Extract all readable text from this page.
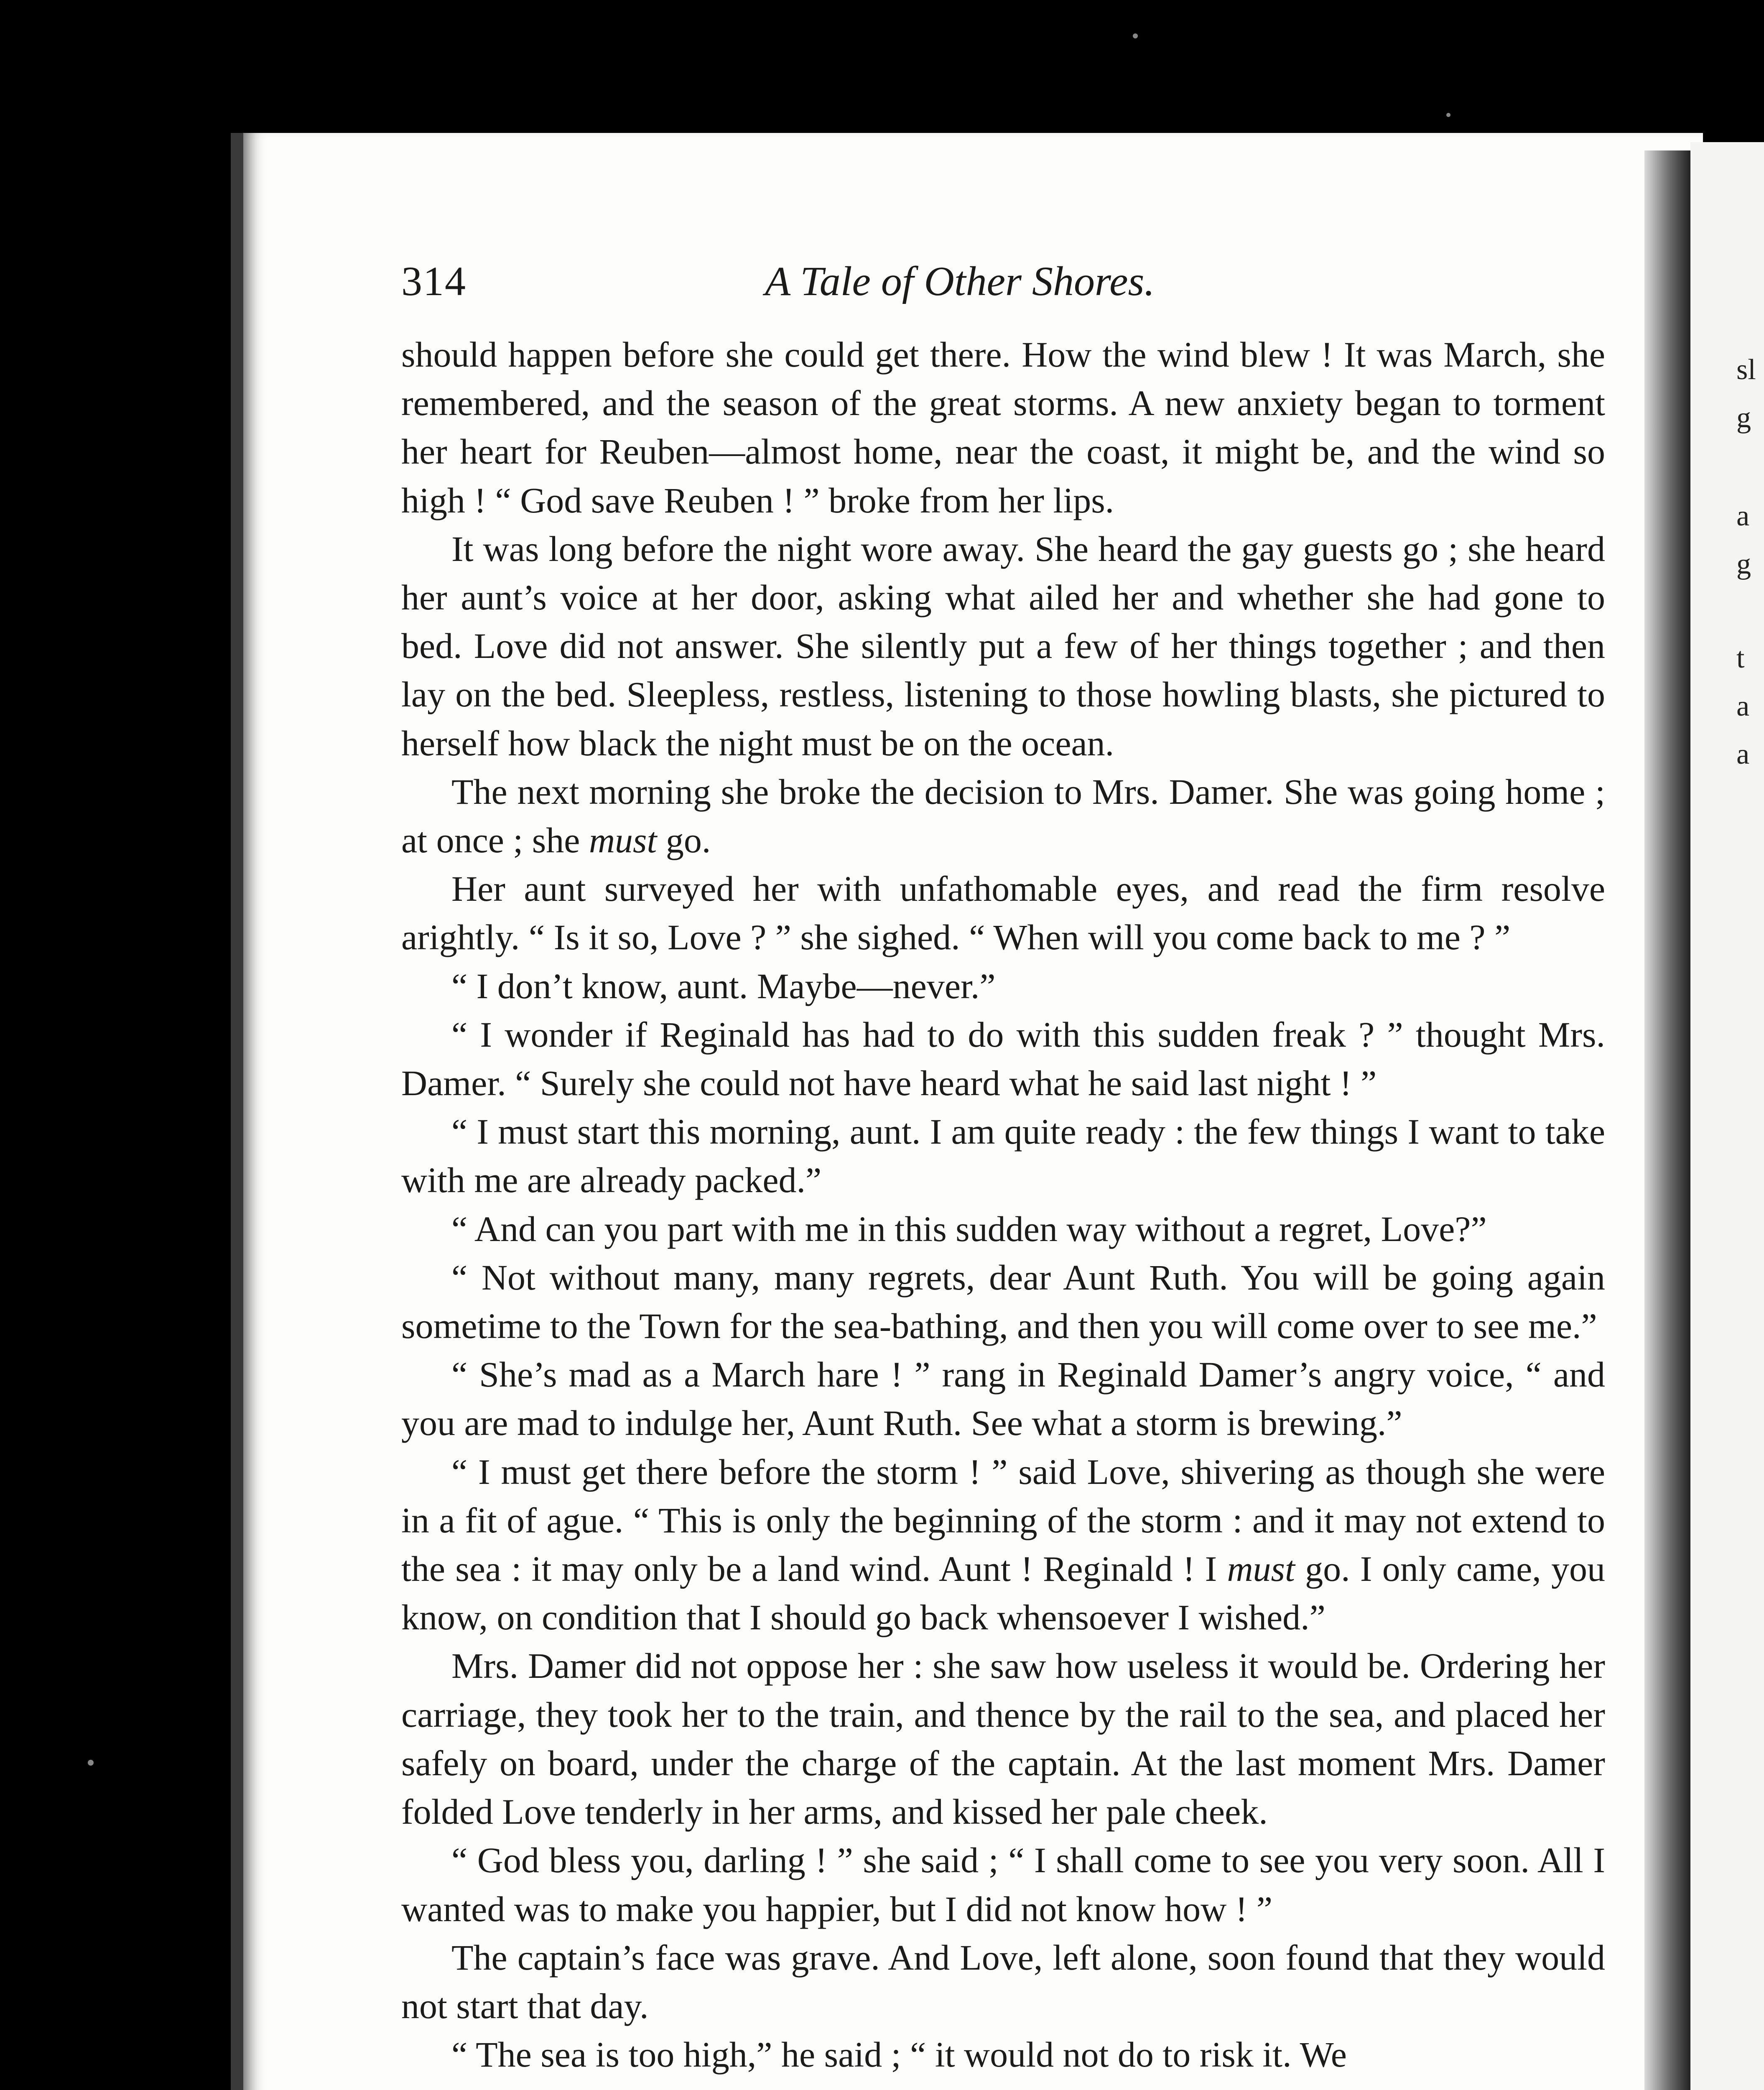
sl
g
a
g
t
a
a
314	A Tale of Other Shores.

should happen before she could get there. How the wind blew ! It was March, she remembered, and the season of the great storms. A new anxiety began to torment her heart for Reuben—almost home, near the coast, it might be, and the wind so high ! “ God save Reuben ! ” broke from her lips.

It was long before the night wore away. She heard the gay guests go ; she heard her aunt’s voice at her door, asking what ailed her and whether she had gone to bed. Love did not answer. She silently put a few of her things together ; and then lay on the bed. Sleepless, restless, listening to those howling blasts, she pictured to herself how black the night must be on the ocean.

The next morning she broke the decision to Mrs. Damer. She was going home ; at once ; she must go.

Her aunt surveyed her with unfathomable eyes, and read the firm resolve arightly. “ Is it so, Love ? ” she sighed. “ When will you come back to me ? ”

“ I don’t know, aunt. Maybe—never.”

“ I wonder if Reginald has had to do with this sudden freak ? ” thought Mrs. Damer. “ Surely she could not have heard what he said last night ! ”

“ I must start this morning, aunt. I am quite ready : the few things I want to take with me are already packed.”

“ And can you part with me in this sudden way without a regret, Love?”

“ Not without many, many regrets, dear Aunt Ruth. You will be going again sometime to the Town for the sea-bathing, and then you will come over to see me.”

“ She’s mad as a March hare ! ” rang in Reginald Damer’s angry voice, “ and you are mad to indulge her, Aunt Ruth. See what a storm is brewing.”

“ I must get there before the storm ! ” said Love, shivering as though she were in a fit of ague. “ This is only the beginning of the storm : and it may not extend to the sea : it may only be a land wind. Aunt ! Reginald ! I must go. I only came, you know, on condition that I should go back whensoever I wished.”

Mrs. Damer did not oppose her : she saw how useless it would be. Ordering her carriage, they took her to the train, and thence by the rail to the sea, and placed her safely on board, under the charge of the captain. At the last moment Mrs. Damer folded Love tenderly in her arms, and kissed her pale cheek.

“ God bless you, darling ! ” she said ; “ I shall come to see you very soon. All I wanted was to make you happier, but I did not know how ! ”

The captain’s face was grave. And Love, left alone, soon found that they would not start that day.

“ The sea is too high,” he said ; “ it would not do to risk it. We
